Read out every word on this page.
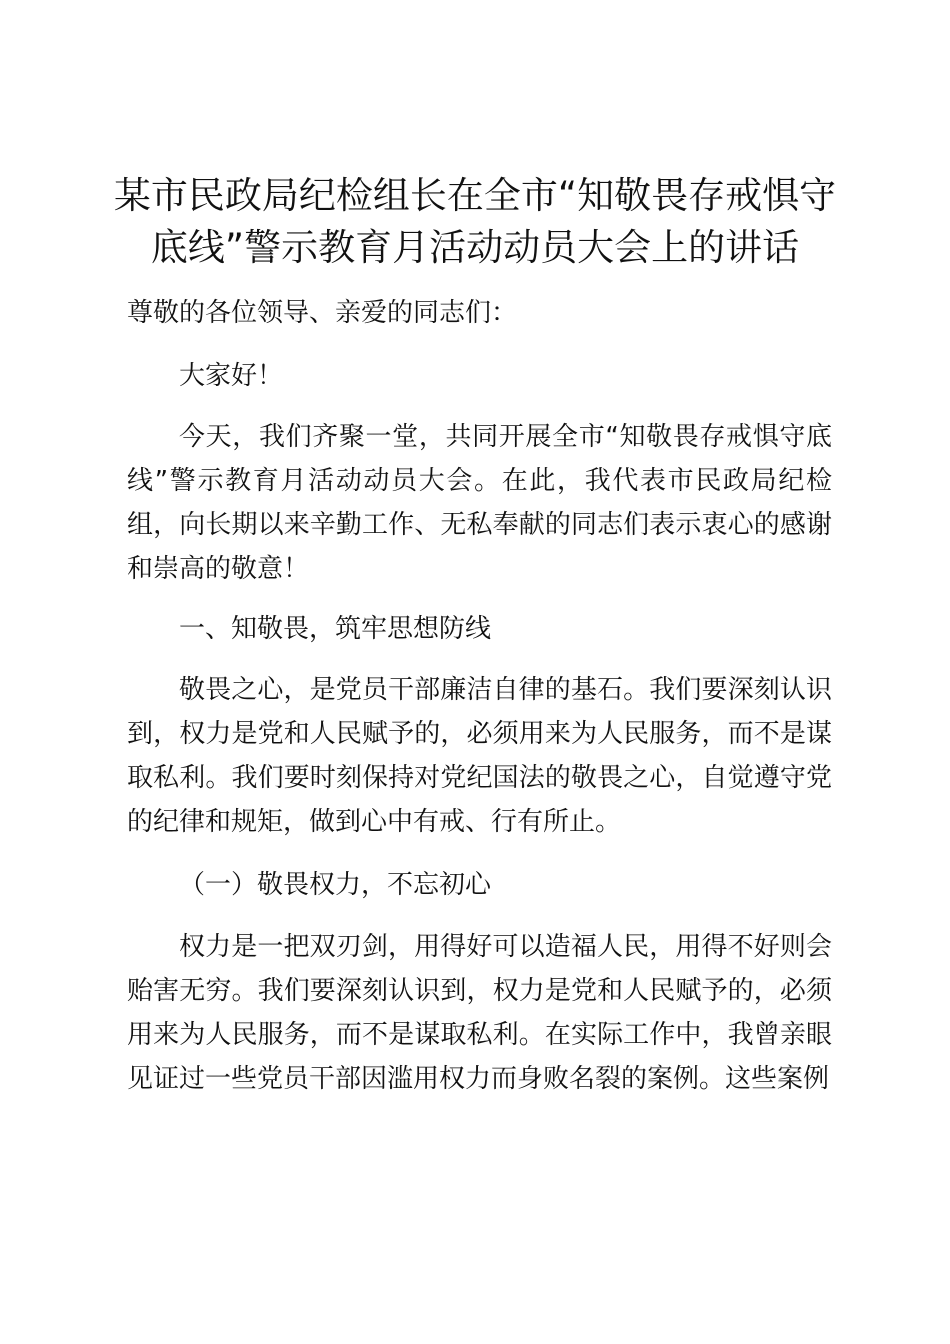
某市民政局纪检组长在全市“知敬畏存戒惧守底线”警示教育月活动动员大会上的讲话

尊敬的各位领导、亲爱的同志们：

大家好！

今天，我们齐聚一堂，共同开展全市“知敬畏存戒惧守底线”警示教育月活动动员大会。在此，我代表市民政局纪检组，向长期以来辛勤工作、无私奉献的同志们表示衷心的感谢和崇高的敬意！

一、知敬畏，筑牢思想防线

敬畏之心，是党员干部廉洁自律的基石。我们要深刻认识到，权力是党和人民赋予的，必须用来为人民服务，而不是谋取私利。我们要时刻保持对党纪国法的敬畏之心，自觉遵守党的纪律和规矩，做到心中有戒、行有所止。

（一）敬畏权力，不忘初心

权力是一把双刃剑，用得好可以造福人民，用得不好则会贻害无穷。我们要深刻认识到，权力是党和人民赋予的，必须用来为人民服务，而不是谋取私利。在实际工作中，我曾亲眼见证过一些党员干部因滥用权力而身败名裂的案例。这些案例
